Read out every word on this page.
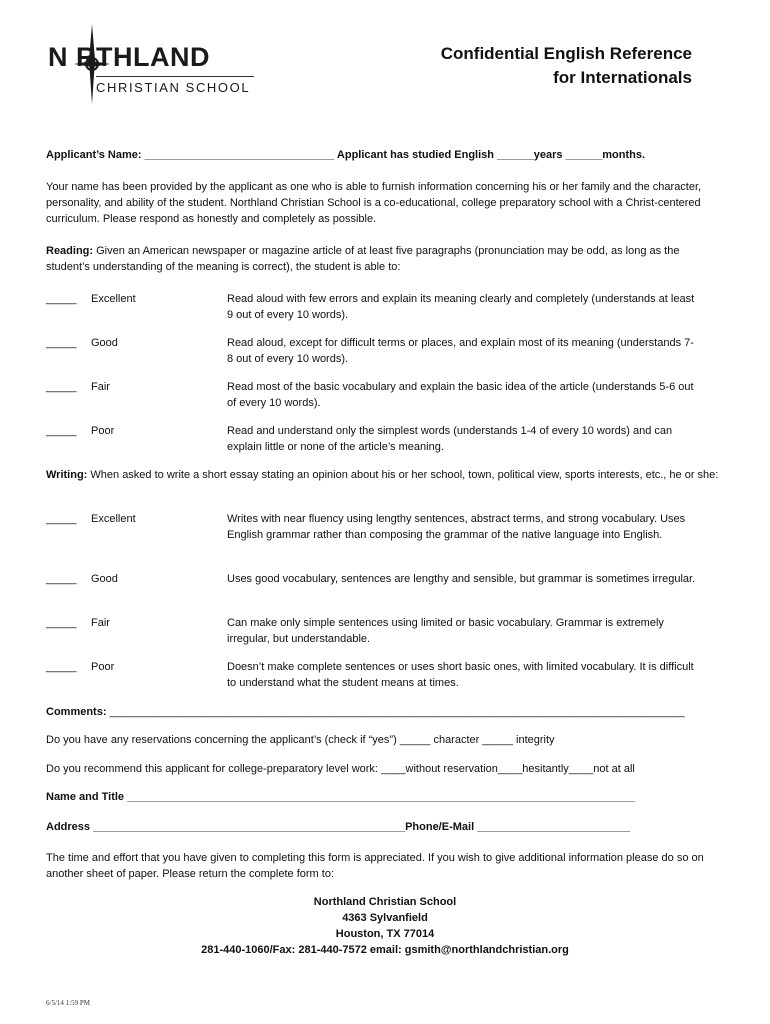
N RTHLAND
CHRISTIAN SCHOOL
Confidential English Reference
for Internationals
Applicant’s Name: _______________________________ Applicant has studied English ______years ______months.
Your name has been provided by the applicant as one who is able to furnish information concerning his or her family and the character, personality, and ability of the student. Northland Christian School is a co-educational, college preparatory school with a Christ-centered curriculum. Please respond as honestly and completely as possible.
Reading: Given an American newspaper or magazine article of at least five paragraphs (pronunciation may be odd, as long as the student’s understanding of the meaning is correct), the student is able to:
_____ Excellent	Read aloud with few errors and explain its meaning clearly and completely (understands at least 9 out of every 10 words).
_____ Good	Read aloud, except for difficult terms or places, and explain most of its meaning (understands 7-8 out of every 10 words).
_____ Fair	Read most of the basic vocabulary and explain the basic idea of the article (understands 5-6 out of every 10 words).
_____ Poor	Read and understand only the simplest words (understands 1-4 of every 10 words) and can explain little or none of the article’s meaning.
Writing: When asked to write a short essay stating an opinion about his or her school, town, political view, sports interests, etc., he or she:
_____ Excellent	Writes with near fluency using lengthy sentences, abstract terms, and strong vocabulary. Uses English grammar rather than composing the grammar of the native language into English.
_____ Good	Uses good vocabulary, sentences are lengthy and sensible, but grammar is sometimes irregular.
_____ Fair	Can make only simple sentences using limited or basic vocabulary. Grammar is extremely irregular, but understandable.
_____ Poor	Doesn’t make complete sentences or uses short basic ones, with limited vocabulary. It is difficult to understand what the student means at times.
Comments: ______________________________________________________________________________________________
Do you have any reservations concerning the applicant’s (check if “yes”) _____ character _____ integrity
Do you recommend this applicant for college-preparatory level work: ____without reservation____hesitantly____not at all
Name and Title ___________________________________________________________________________________
Address ___________________________________________________Phone/E-Mail _________________________
The time and effort that you have given to completing this form is appreciated. If you wish to give additional information please do so on another sheet of paper. Please return the complete form to:
Northland Christian School
4363 Sylvanfield
Houston, TX 77014
281-440-1060/Fax: 281-440-7572 email: gsmith@northlandchristian.org
6/5/14 1:59 PM
